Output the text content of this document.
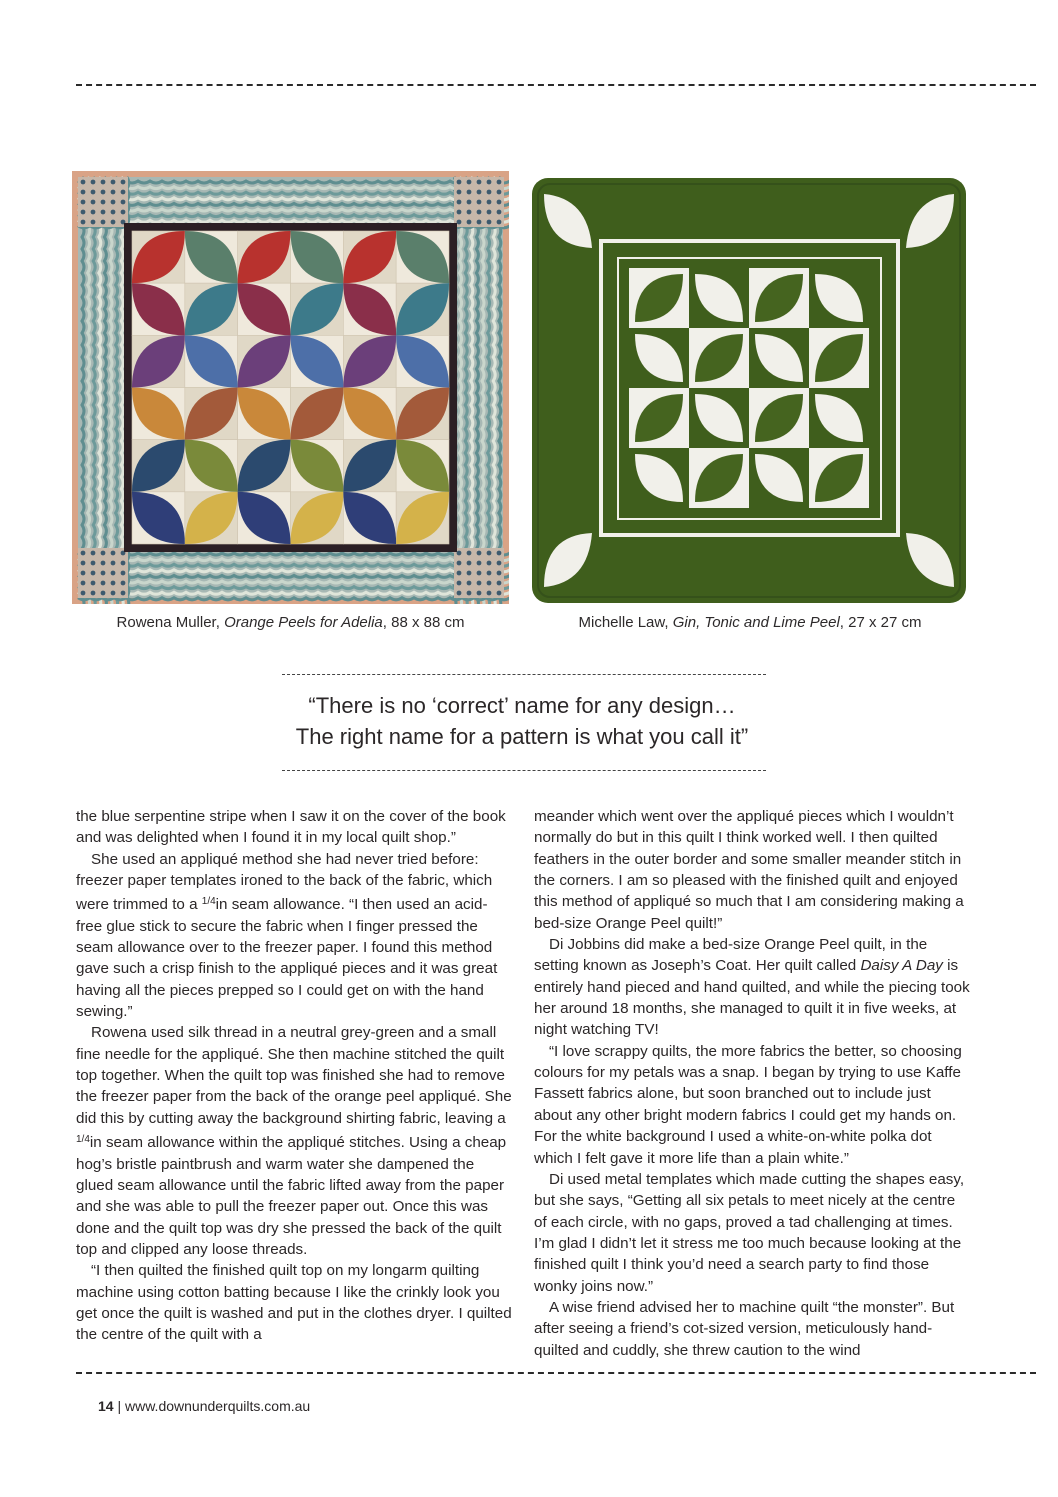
Rowena Muller, Orange Peels for Adelia, 88 x 88 cm	Michelle Law, Gin, Tonic and Lime Peel, 27 x 27 cm
“There is no ‘correct’ name for any design…
The right name for a pattern is what you call it”

the blue serpentine stripe when I saw it on the cover of the book and was delighted when I found it in my local quilt shop.”

She used an appliqué method she had never tried before: freezer paper templates ironed to the back of the fabric, which were trimmed to a $^{1/4}$in seam allowance. “I then used an acid-free glue stick to secure the fabric when I finger pressed the seam allowance over to the freezer paper. I found this method gave such a crisp finish to the appliqué pieces and it was great having all the pieces prepped so I could get on with the hand sewing.”

Rowena used silk thread in a neutral grey-green and a small fine needle for the appliqué. She then machine stitched the quilt top together. When the quilt top was finished she had to remove the freezer paper from the back of the orange peel appliqué. She did this by cutting away the background shirting fabric, leaving a $^{1/4}$in seam allowance within the appliqué stitches. Using a cheap hog’s bristle paintbrush and warm water she dampened the glued seam allowance until the fabric lifted away from the paper and she was able to pull the freezer paper out. Once this was done and the quilt top was dry she pressed the back of the quilt top and clipped any loose threads.

“I then quilted the finished quilt top on my longarm quilting machine using cotton batting because I like the crinkly look you get once the quilt is washed and put in the clothes dryer. I quilted the centre of the quilt with a

meander which went over the appliqué pieces which I wouldn’t normally do but in this quilt I think worked well. I then quilted feathers in the outer border and some smaller meander stitch in the corners. I am so pleased with the finished quilt and enjoyed this method of appliqué so much that I am considering making a bed-size Orange Peel quilt!”

Di Jobbins did make a bed-size Orange Peel quilt, in the setting known as Joseph’s Coat. Her quilt called Daisy A Day is entirely hand pieced and hand quilted, and while the piecing took her around 18 months, she managed to quilt it in five weeks, at night watching TV!

“I love scrappy quilts, the more fabrics the better, so choosing colours for my petals was a snap. I began by trying to use Kaffe Fassett fabrics alone, but soon branched out to include just about any other bright modern fabrics I could get my hands on. For the white background I used a white-on-white polka dot which I felt gave it more life than a plain white.”

Di used metal templates which made cutting the shapes easy, but she says, “Getting all six petals to meet nicely at the centre of each circle, with no gaps, proved a tad challenging at times. I’m glad I didn’t let it stress me too much because looking at the finished quilt I think you’d need a search party to find those wonky joins now.”

A wise friend advised her to machine quilt “the monster”. But after seeing a friend’s cot-sized version, meticulously hand-quilted and cuddly, she threw caution to the wind

14 | www.downunderquilts.com.au
